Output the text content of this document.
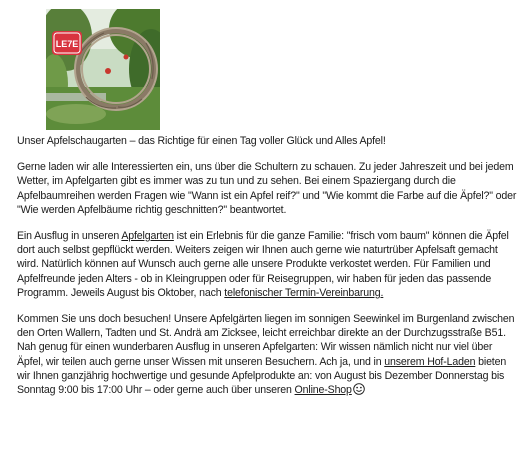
LE7E

Unser Apfelschaugarten – das Richtige für einen Tag voller Glück und Alles Apfel!

Gerne laden wir alle Interessierten ein, uns über die Schultern zu schauen. Zu jeder Jahreszeit und bei jedem Wetter, im Apfelgarten gibt es immer was zu tun und zu sehen. Bei einem Spaziergang durch die Apfelbaumreihen werden Fragen wie "Wann ist ein Apfel reif?" und "Wie kommt die Farbe auf die Äpfel?" oder "Wie werden Apfelbäume richtig geschnitten?" beantwortet.

Ein Ausflug in unseren Apfelgarten ist ein Erlebnis für die ganze Familie: "frisch vom baum" können die Äpfel dort auch selbst gepflückt werden. Weiters zeigen wir Ihnen auch gerne wie naturtrüber Apfelsaft gemacht wird. Natürlich können auf Wunsch auch gerne alle unsere Produkte verkostet werden. Für Familien und Apfelfreunde jeden Alters - ob in Kleingruppen oder für Reisegruppen, wir haben für jeden das passende Programm. Jeweils August bis Oktober, nach telefonischer Termin-Vereinbarung.

Kommen Sie uns doch besuchen! Unsere Apfelgärten liegen im sonnigen Seewinkel im Burgenland zwischen den Orten Wallern, Tadten und St. Andrä am Zicksee, leicht erreichbar direkte an der Durchzugsstraße B51. Nah genug für einen wunderbaren Ausflug in unseren Apfelgarten: Wir wissen nämlich nicht nur viel über Äpfel, wir teilen auch gerne unser Wissen mit unseren Besuchern. Ach ja, und in unserem Hof-Laden bieten wir Ihnen ganzjährig hochwertige und gesunde Apfelprodukte an: von August bis Dezember Donnerstag bis Sonntag 9:00 bis 17:00 Uhr – oder gerne auch über unseren Online-Shop
